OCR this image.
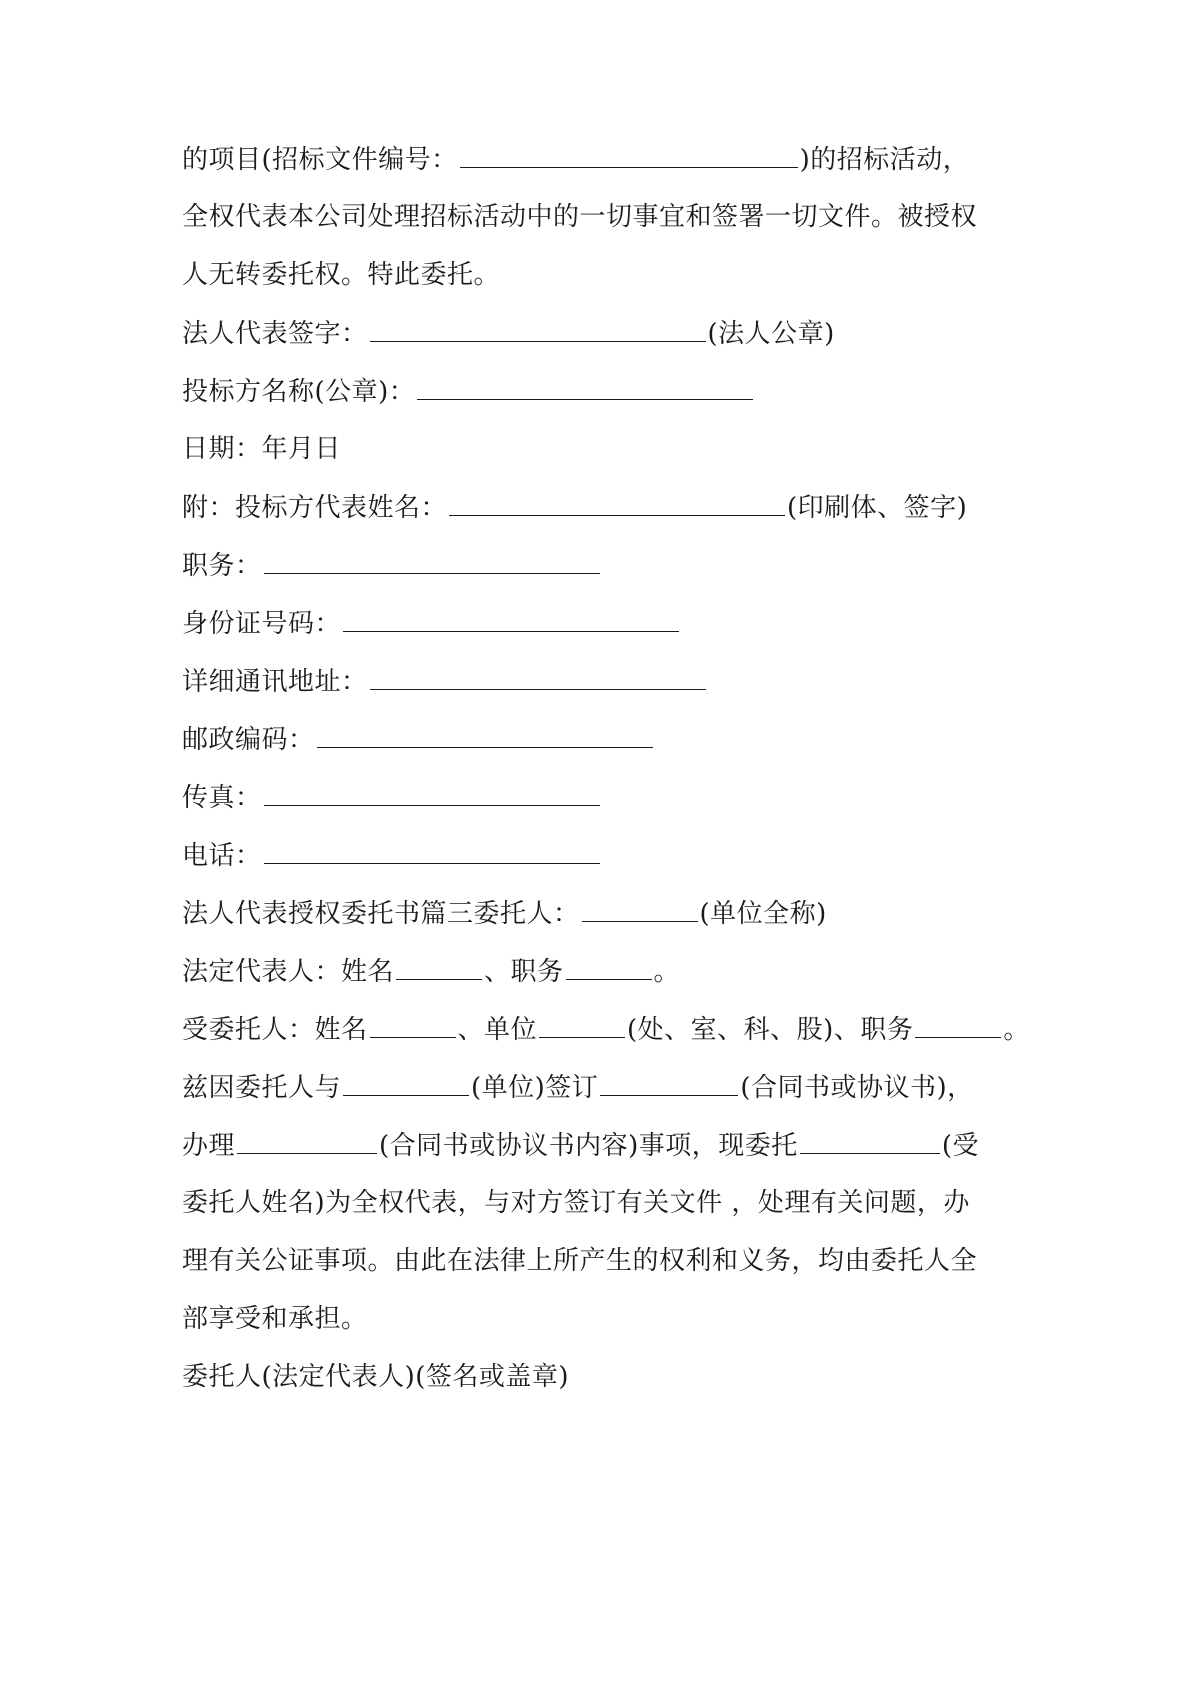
的项目(招标文件编号：	)的招标活动，
全权代表本公司处理招标活动中的一切事宜和签署一切文件。被授权
人无转委托权。特此委托。
法人代表签字：	(法人公章)
投标方名称(公章)：
日期：年月日
附：投标方代表姓名：	(印刷体、签字)
职务：
身份证号码：
详细通讯地址：
邮政编码：
传真：
电话：
法人代表授权委托书篇三委托人：	(单位全称)
法定代表人：姓名	、职务	。
受委托人：姓名	、单位	(处、室、科、股)、职务	。
兹因委托人与	(单位)签订	(合同书或协议书)，
办理	(合同书或协议书内容)事项，现委托	(受
委托人姓名)为全权代表，与对方签订有关文件 ，处理有关问题，办
理有关公证事项。由此在法律上所产生的权利和义务，均由委托人全
部享受和承担。
委托人(法定代表人)(签名或盖章)
